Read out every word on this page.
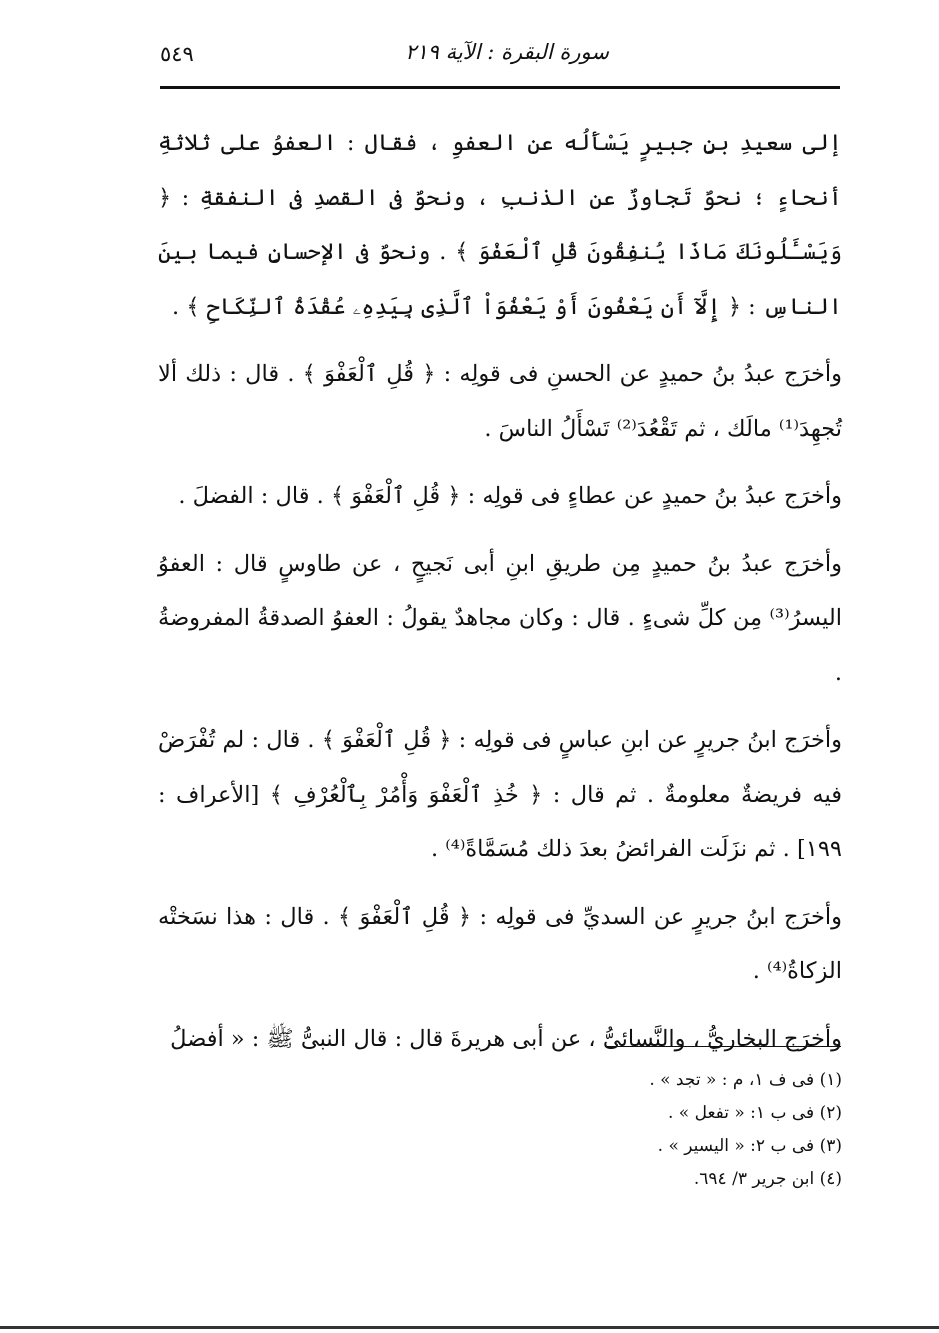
سورة البقرة : الآية ٢١٩
٥٤٩

إلى سعيدِ بنِ جبيرٍ يَسْأَلُه عن العفوِ ، فقال : العفوُ على ثلاثةِ أنحاءٍ ؛ نحوٌ تَجاوزٌ عن الذنبِ ، ونحوٌ فى القصدِ فى النفقةِ : ﴿ وَيَسْـَٔلُونَكَ مَاذَا يُنفِقُونَ قُلِ ٱلْعَفْوَ ﴾ . ونحوٌ فى الإحسانِ فيما بينَ الناسِ : ﴿ إِلَّآ أَن يَعْفُونَ أَوْ يَعْفُوَاْ ٱلَّذِى بِيَدِهِۦ عُقْدَةُ ٱلنِّكَاحِ ﴾ .

وأخرَج عبدُ بنُ حميدٍ عن الحسنِ فى قولِه : ﴿ قُلِ ٱلْعَفْوَ ﴾ . قال : ذلك ألا تُجهِدَ⁽¹⁾ مالَك ، ثم تَقْعُدَ⁽²⁾ تَسْأَلُ الناسَ .

وأخرَج عبدُ بنُ حميدٍ عن عطاءٍ فى قولِه : ﴿ قُلِ ٱلْعَفْوَ ﴾ . قال : الفضلَ .

وأخرَج عبدُ بنُ حميدٍ مِن طريقِ ابنِ أبى نَجيحٍ ، عن طاوسٍ قال : العفوُ اليسرُ⁽³⁾ مِن كلِّ شىءٍ . قال : وكان مجاهدٌ يقولُ : العفوُ الصدقةُ المفروضةُ .

وأخرَج ابنُ جريرٍ عن ابنِ عباسٍ فى قولِه : ﴿ قُلِ ٱلْعَفْوَ ﴾ . قال : لم تُفْرَضْ فيه فريضةٌ معلومةٌ . ثم قال : ﴿ خُذِ ٱلْعَفْوَ وَأْمُرْ بِٱلْعُرْفِ ﴾ [الأعراف : ١٩٩] . ثم نزَلَت الفرائضُ بعدَ ذلك مُسَمَّاةً⁽⁴⁾ .

وأخرَج ابنُ جريرٍ عن السديِّ فى قولِه : ﴿ قُلِ ٱلْعَفْوَ ﴾ . قال : هذا نسَختْه الزكاةُ⁽⁴⁾ .

وأخرَج البخاريُّ ، والنَّسائىُّ ، عن أبى هريرةَ قال : قال النبىُّ ﷺ : « أفضلُ

(١) فى ف ١، م : « تجد » .
(٢) فى ب ١: « تفعل » .
(٣) فى ب ٢: « اليسير » .
(٤) ابن جرير ٣/ ٦٩٤.
